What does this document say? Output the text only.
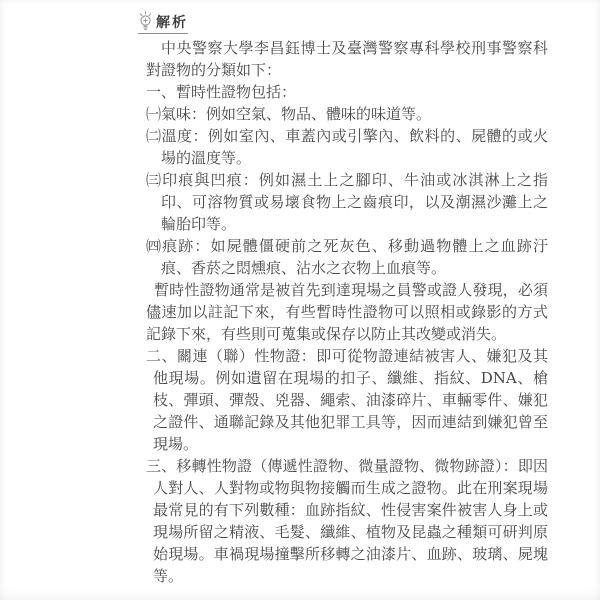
解析

中央警察大學李昌鈺博士及臺灣警察專科學校刑事警察科對證物的分類如下：

一、暫時性證物包括：

㈠氣味：例如空氣、物品、體味的味道等。

㈡溫度：例如室內、車蓋內或引擎內、飲料的、屍體的或火場的溫度等。

㈢印痕與凹痕：例如濕土上之腳印、牛油或冰淇淋上之指印、可溶物質或易壞食物上之齒痕印，以及潮濕沙灘上之輪胎印等。

㈣痕跡：如屍體僵硬前之死灰色、移動過物體上之血跡汙痕、香菸之悶燻痕、沾水之衣物上血痕等。

暫時性證物通常是被首先到達現場之員警或證人發現，必須儘速加以註記下來，有些暫時性證物可以照相或錄影的方式記錄下來，有些則可蒐集或保存以防止其改變或消失。

二、關連（聯）性物證：即可從物證連結被害人、嫌犯及其他現場。例如遺留在現場的扣子、纖維、指紋、DNA、槍枝、彈頭、彈殼、兇器、繩索、油漆碎片、車輛零件、嫌犯之證件、通聯記錄及其他犯罪工具等，因而連結到嫌犯曾至現場。

三、移轉性物證（傳遞性證物、微量證物、微物跡證）：即因人對人、人對物或物與物接觸而生成之證物。此在刑案現場最常見的有下列數種：血跡指紋、性侵害案件被害人身上或現場所留之精液、毛髮、纖維、植物及昆蟲之種類可研判原始現場。車禍現場撞擊所移轉之油漆片、血跡、玻璃、屍塊等。
